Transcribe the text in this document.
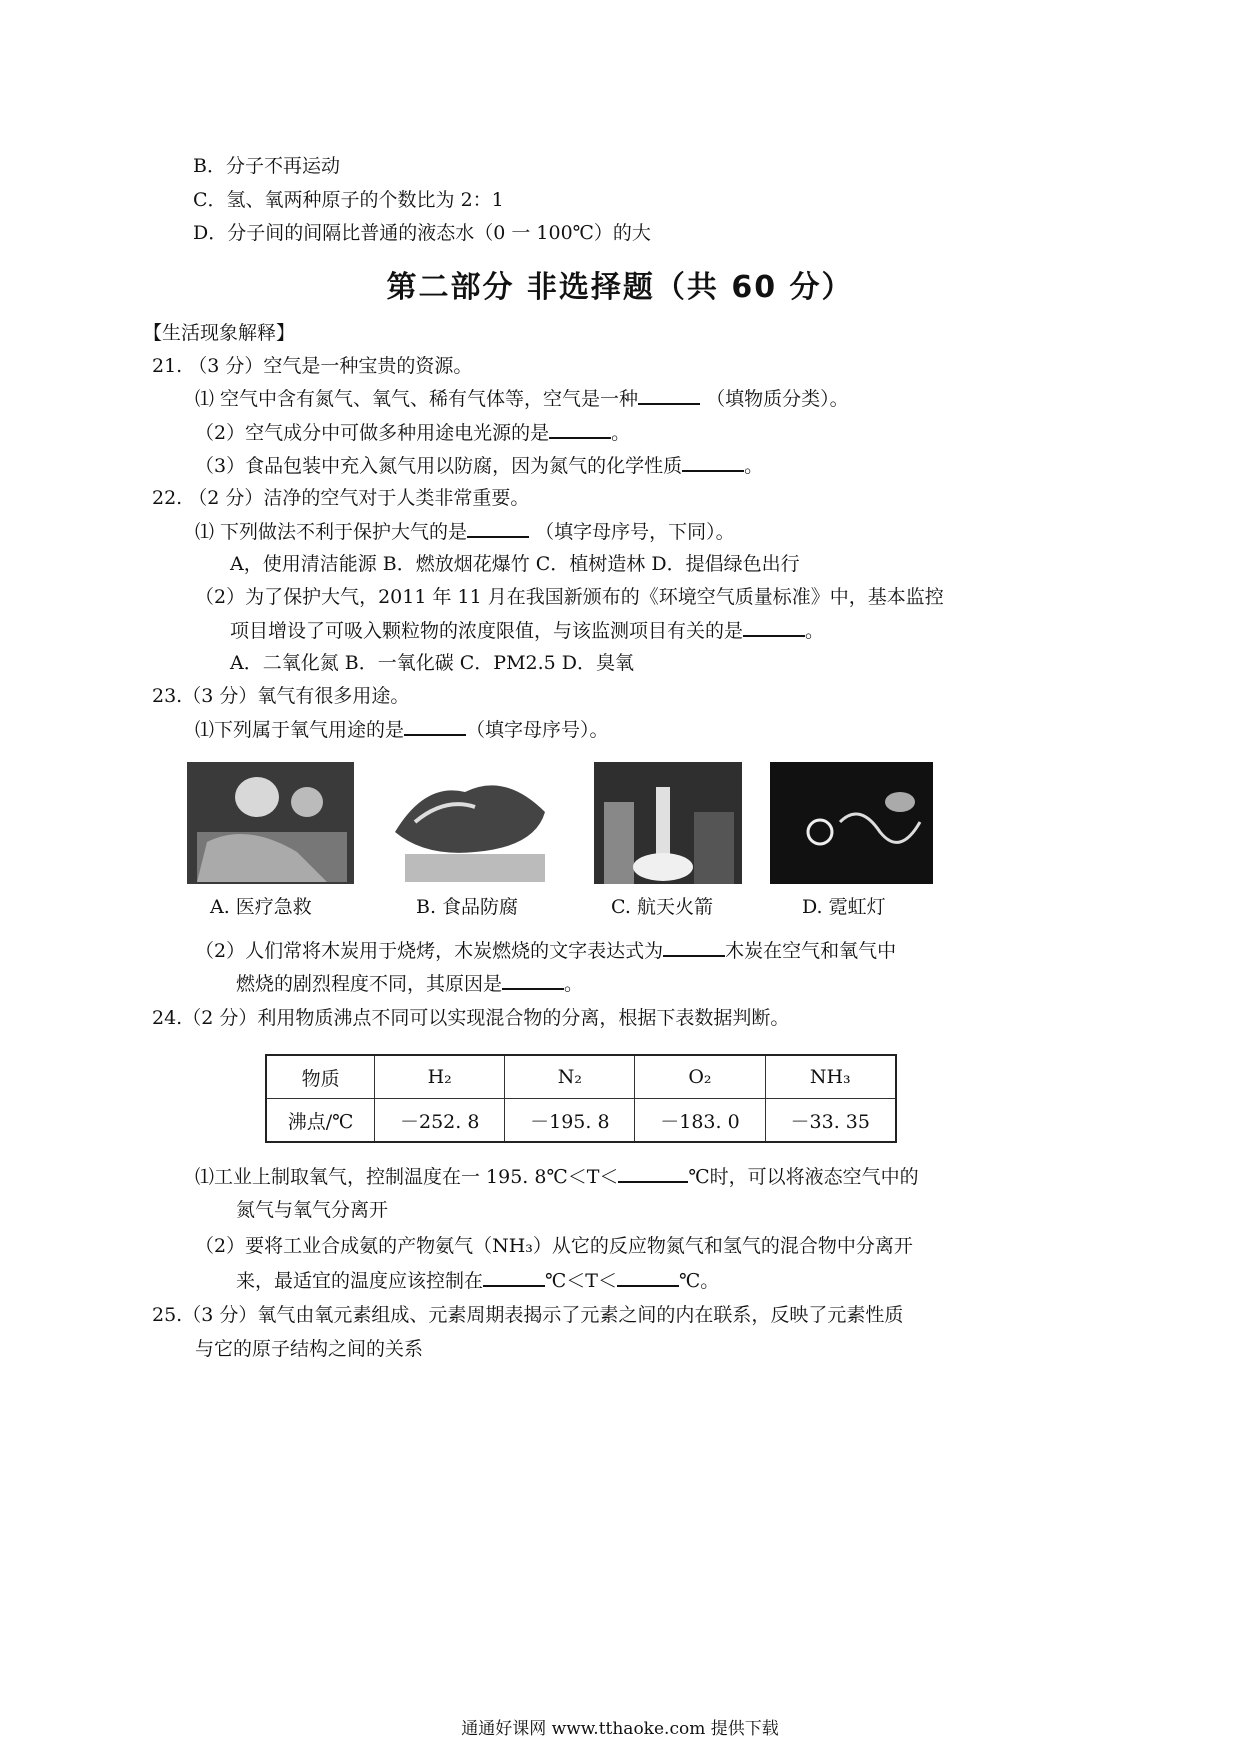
B．分子不再运动
C．氢、氧两种原子的个数比为 2：1
D．分子间的间隔比普通的液态水（0 一 100℃）的大
第二部分 非选择题（共 60 分）
【生活现象解释】
21. （3 分）空气是一种宝贵的资源。
⑴ 空气中含有氮气、氧气、稀有气体等，空气是一种	（填物质分类）。
（2）空气成分中可做多种用途电光源的是	。
（3）食品包装中充入氮气用以防腐，因为氮气的化学性质	。
22. （2 分）洁净的空气对于人类非常重要。
⑴ 下列做法不利于保护大气的是	（填字母序号，下同）。
A，使用清洁能源 B．燃放烟花爆竹 C．植树造林 D．提倡绿色出行
（2）为了保护大气，2011 年 11 月在我国新颁布的《环境空气质量标准》中，基本监控
项目增设了可吸入颗粒物的浓度限值，与该监测项目有关的是	。
A．二氧化氮 B．一氧化碳 C．PM2.5 D．臭氧
23.（3 分）氧气有很多用途。
⑴下列属于氧气用途的是	（填字母序号）。
A. 医疗急救	B. 食品防腐	C. 航天火箭	D. 霓虹灯
（2）人们常将木炭用于烧烤，木炭燃烧的文字表达式为	木炭在空气和氧气中
燃烧的剧烈程度不同，其原因是	。
24.（2 分）利用物质沸点不同可以实现混合物的分离，根据下表数据判断。
物质	H₂	N₂	O₂	NH₃
沸点/℃	－252. 8	－195. 8	－183. 0	－33. 35
⑴工业上制取氧气，控制温度在一 195. 8℃＜T＜	℃时，可以将液态空气中的
氮气与氧气分离开
（2）要将工业合成氨的产物氨气（NH₃）从它的反应物氮气和氢气的混合物中分离开
来，最适宜的温度应该控制在	℃＜T＜	℃。
25.（3 分）氧气由氧元素组成、元素周期表揭示了元素之间的内在联系，反映了元素性质
与它的原子结构之间的关系
通通好课网 www.tthaoke.com 提供下载
